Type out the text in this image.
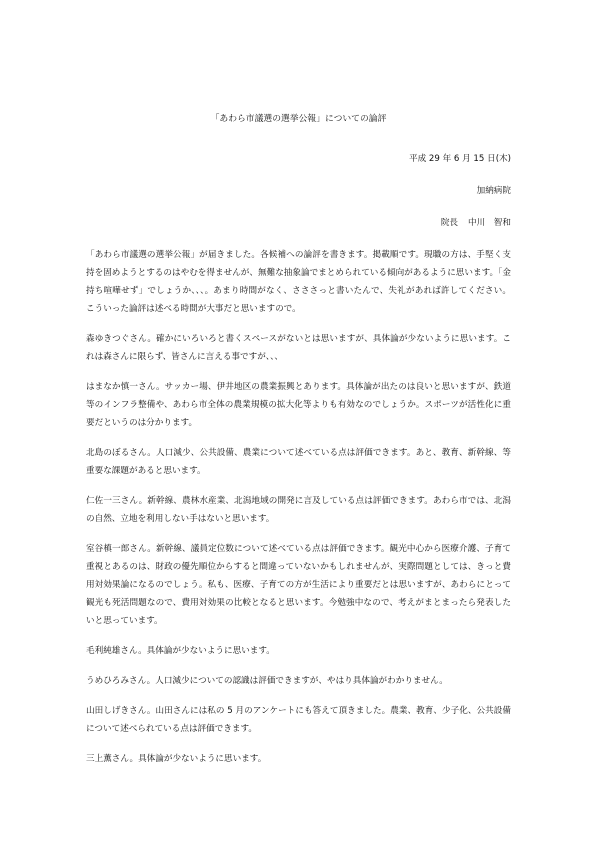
「あわら市議選の選挙公報」についての論評

平成 29 年 6 月 15 日(木)

加納病院

院長 中川　智和

「あわら市議選の選挙公報」が届きました。各候補への論評を書きます。掲載順です。現職の方は、手堅く支持を固めようとするのはやむを得ませんが、無難な抽象論でまとめられている傾向があるように思います。「金持ち喧嘩せず」でしょうか、、、。あまり時間がなく、さささっと書いたんで、失礼があれば許してください。こういった論評は述べる時間が大事だと思いますので。

森ゆきつぐさん。確かにいろいろと書くスペースがないとは思いますが、具体論が少ないように思います。これは森さんに限らず、皆さんに言える事ですが、、、

はまなか慎一さん。サッカー場、伊井地区の農業振興とあります。具体論が出たのは良いと思いますが、鉄道等のインフラ整備や、あわら市全体の農業規模の拡大化等よりも有効なのでしょうか。スポーツが活性化に重要だというのは分かります。

北島のぼるさん。人口減少、公共設備、農業について述べている点は評価できます。あと、教育、新幹線、等重要な課題があると思います。

仁佐一三さん。新幹線、農林水産業、北潟地域の開発に言及している点は評価できます。あわら市では、北潟の自然、立地を利用しない手はないと思います。

室谷槙一郎さん。新幹線、議員定位数について述べている点は評価できます。観光中心から医療介護、子育て重視とあるのは、財政の優先順位からすると間違っていないかもしれませんが、実際問題としては、きっと費用対効果論になるのでしょう。私も、医療、子育ての方が生活により重要だとは思いますが、あわらにとって観光も死活問題なので、費用対効果の比較となると思います。今勉強中なので、考えがまとまったら発表したいと思っています。

毛利純雄さん。具体論が少ないように思います。

うめひろみさん。人口減少についての認識は評価できますが、やはり具体論がわかりません。

山田しげきさん。山田さんには私の 5 月のアンケートにも答えて頂きました。農業、教育、少子化、公共設備について述べられている点は評価できます。

三上薫さん。具体論が少ないように思います。
